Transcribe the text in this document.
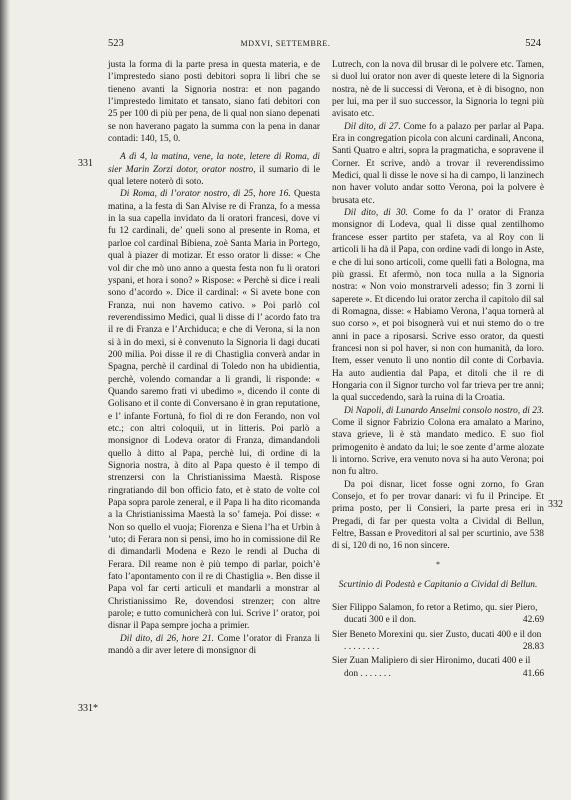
523	MDXVI, SETTEMBRE.	524
331
331*
332

justa la forma di la parte presa in questa materia, e de l’imprestedo siano posti debitori sopra li libri che se tieneno avanti la Signoria nostra: et non pagando l’imprestedo limitato et tansato, siano fati debitori con 25 per 100 di più per pena, de li qual non siano depenati se non haverano pagato la summa con la pena in danar contadi: 140, 15, 0.

A dì 4, la matina, vene, la note, letere di Roma, di sier Marin Zorzi dotor, orator nostro, il sumario di le qual letere noterò di soto.

Di Roma, di l’orator nostro, di 25, hore 16. Questa matina, a la festa di San Alvise re di Franza, fo a messa in la sua capella invidato da li oratori francesi, dove vi fu 12 cardinali, de’ queli sono al presente in Roma, et parloe col cardinal Bibiena, zoè Santa Maria in Portego, qual à piazer di motizar. Et esso orator li disse: « Che vol dir che mò uno anno a questa festa non fu li oratori yspani, et hora i sono? » Rispose: « Perchè si dice i reali sono d’acordo ». Dice il cardinal: « Si avete bone con Franza, nui non havemo cativo. » Poi parlò col reverendissimo Medici, qual li disse di l’ acordo fato tra il re di Franza e l’Archiduca; e che di Verona, si la non si à in do mexi, si è convenuto la Signoria li dagi ducati 200 milia. Poi disse il re di Chastiglia converà andar in Spagna, perchè il cardinal di Toledo non ha ubidientia, perchè, volendo comandar a li grandi, li risponde: « Quando saremo frati vi ubedimo », dicendo il conte di Golisano et il conte di Conversano è in gran reputatione, e l’ infante Fortunà, fo fiol di re don Ferando, non vol etc.; con altri coloquii, ut in litteris. Poi parlò a monsignor di Lodeva orator di Franza, dimandandoli quello à ditto al Papa, perchè lui, di ordine di la Signoria nostra, à dito al Papa questo è il tempo di strenzersi con la Christianissima Maestà. Rispose ringratiando dil bon officio fato, et è stato de volte col Papa sopra parole zeneral, e il Papa li ha dito ricomanda a la Christianissima Maestà la so’ fameja. Poi disse: « Non so quello el vuoja; Fiorenza e Siena l’ha et Urbin à ’uto; di Ferara non si pensi, imo ho in comissione dil Re di dimandarli Modena e Rezo le rendi al Ducha di Ferara. Dil reame non è più tempo di parlar, poich’è fato l’apontamento con il re di Chastiglia ». Ben disse il Papa vol far certi articuli et mandarli a monstrar al Christianissimo Re, dovendosi strenzer; con altre parole; e tutto comunicherà con lui. Scrive l’ orator, poi disnar il Papa sempre jocha a primier.

Dil dito, di 26, hore 21. Come l’orator di Franza li mandò a dir aver letere di monsignor di

Lutrech, con la nova dil brusar di le polvere etc. Tamen, si duol lui orator non aver di queste letere di la Signoria nostra, nè de li successi di Verona, et è di bisogno, non per lui, ma per il suo successor, la Signoria lo tegni più avisato etc.

Dil dito, di 27. Come fo a palazo per parlar al Papa. Era in congregation picola con alcuni cardinali, Ancona, Santi Quatro e altri, sopra la pragmaticha, e sopravene il Corner. Et scrive, andò a trovar il reverendissimo Medici, qual li disse le nove si ha di campo, li lanzinech non haver voluto andar sotto Verona, poi la polvere è brusata etc.

Dil dito, di 30. Come fo da l’ orator di Franza monsignor di Lodeva, qual li disse qual zentilhomo francese esser partito per stafeta, va al Roy con li articoli li ha dà il Papa, con ordine vadi di longo in Aste, e che di lui sono articoli, come quelli fati a Bologna, ma più grassi. Et afermò, non toca nulla a la Signoria nostra: « Non voio monstrarveli adesso; fin 3 zorni li saperete ». Et dicendo lui orator zercha il capitolo dil sal di Romagna, disse: « Habiamo Verona, l’aqua tornerà al suo corso », et poi bisognerà vui et nui stemo do o tre anni in pace a riposarsi. Scrive esso orator, da questi francesi non si pol haver, si non con humanità, da loro. Item, esser venuto lì uno nontio dil conte di Corbavia. Ha auto audientia dal Papa, et ditoli che il re di Hongaria con il Signor turcho vol far trieva per tre anni; la qual succedendo, sarà la ruina di la Croatia.

Di Napoli, di Lunardo Anselmi consolo nostro, di 23. Come il signor Fabrizio Colona era amalato a Marino, stava grieve, lì è stà mandato medico. E suo fiol primogenito è andato da lui; le soe zente d’arme alozate li intorno. Scrive, era venuto nova si ha auto Verona; poi non fu altro.

Da poi disnar, licet fosse ogni zorno, fo Gran Consejo, et fo per trovar danari: vi fu il Principe. Et prima posto, per li Consieri, la parte presa eri in Pregadi, di far per questa volta a Cividal di Bellun, Feltre, Bassan e Proveditori al sal per scurtinio, ave 538 di si, 120 di no, 16 non sincere.

*

Scurtinio di Podestà e Capitanio a Cividal di Bellun.

Sier Filippo Salamon, fo retor a Retimo, qu. sier Piero, ducati 300 e il don.	42.69
Sier Beneto Morexini qu. sier Zusto, ducati 400 e il don . . . . . . . .	28.83
Sier Zuan Malipiero di sier Hironimo, ducati 400 e il don . . . . . . .	41.66
